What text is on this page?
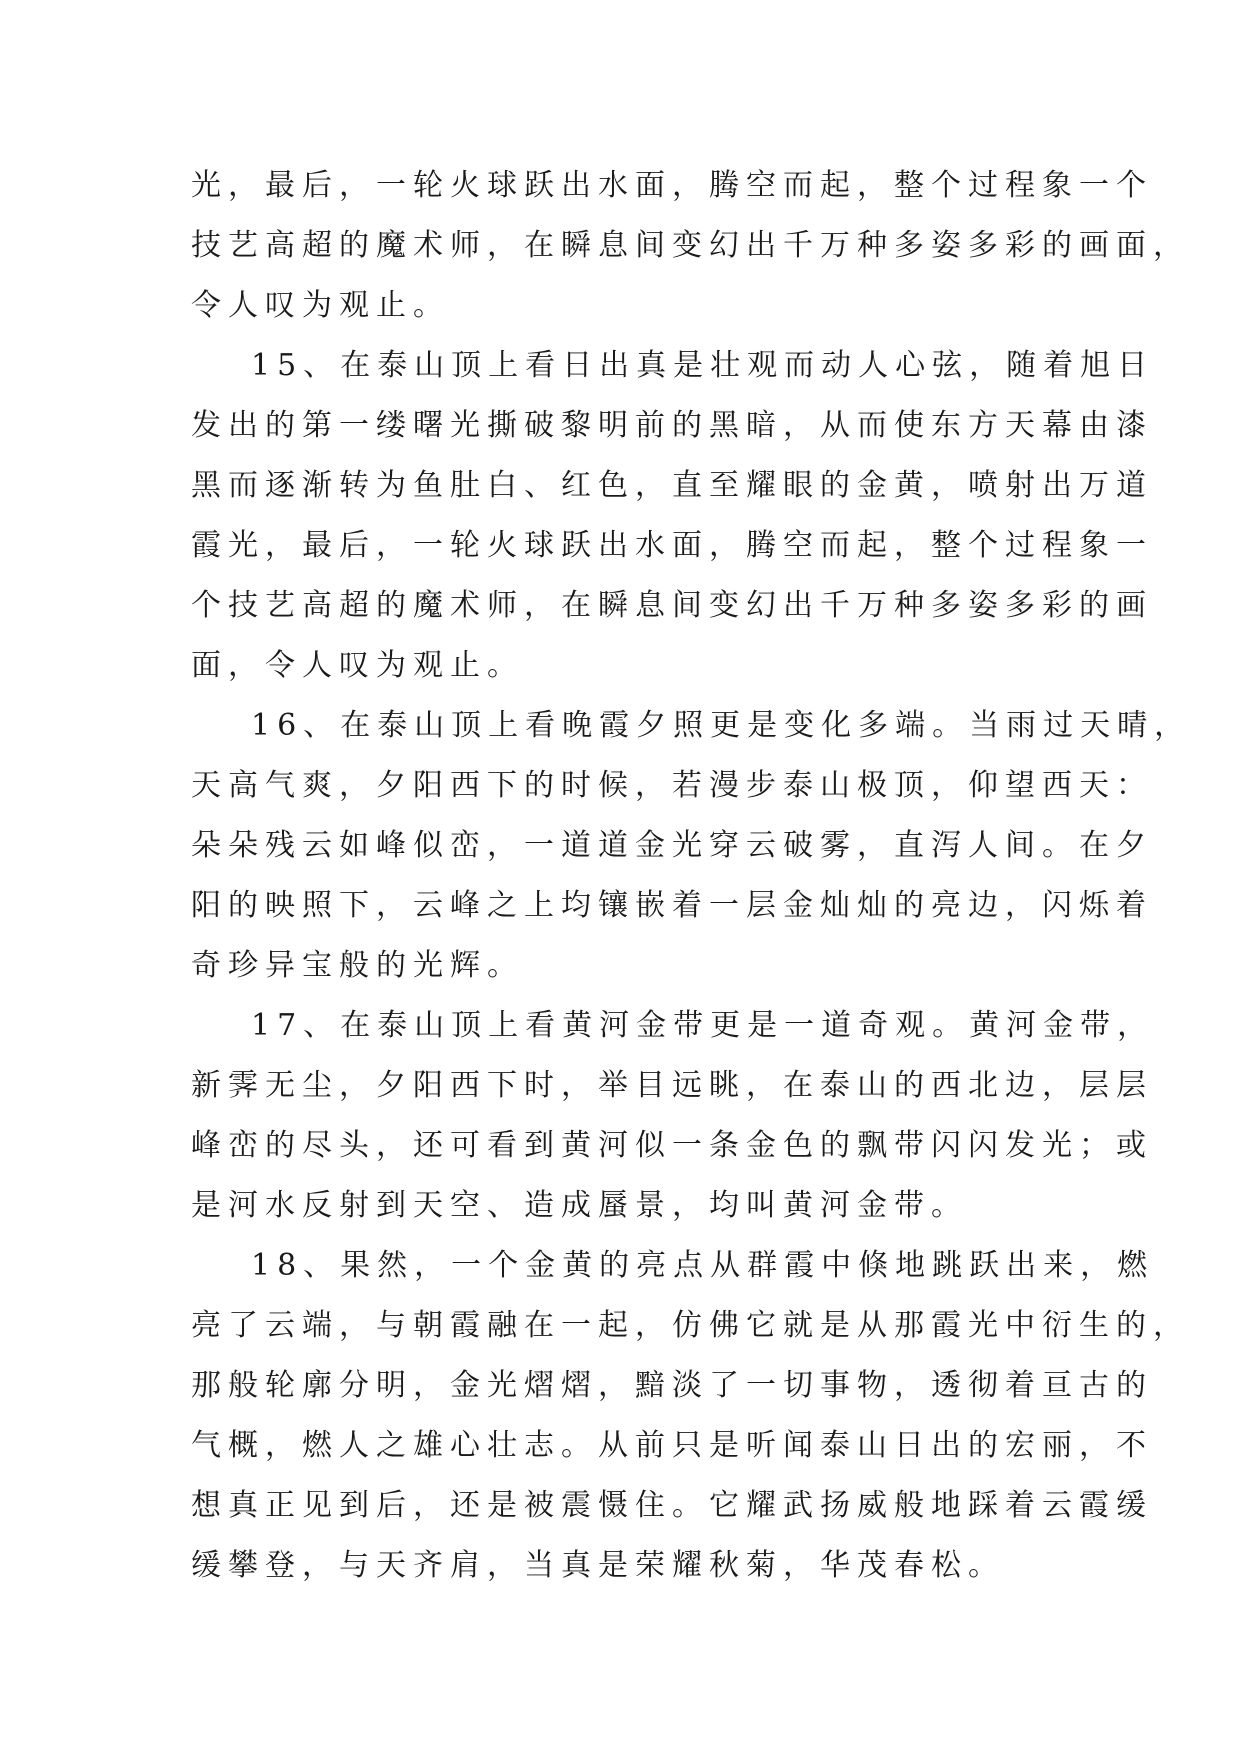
光，最后，一轮火球跃出水面，腾空而起，整个过程象一个
技艺高超的魔术师，在瞬息间变幻出千万种多姿多彩的画面，
令人叹为观止。
15、在泰山顶上看日出真是壮观而动人心弦，随着旭日
发出的第一缕曙光撕破黎明前的黑暗，从而使东方天幕由漆
黑而逐渐转为鱼肚白、红色，直至耀眼的金黄，喷射出万道
霞光，最后，一轮火球跃出水面，腾空而起，整个过程象一
个技艺高超的魔术师，在瞬息间变幻出千万种多姿多彩的画
面，令人叹为观止。
16、在泰山顶上看晚霞夕照更是变化多端。当雨过天晴，
天高气爽，夕阳西下的时候，若漫步泰山极顶，仰望西天：
朵朵残云如峰似峦，一道道金光穿云破雾，直泻人间。在夕
阳的映照下，云峰之上均镶嵌着一层金灿灿的亮边，闪烁着
奇珍异宝般的光辉。
17、在泰山顶上看黄河金带更是一道奇观。黄河金带，
新霁无尘，夕阳西下时，举目远眺，在泰山的西北边，层层
峰峦的尽头，还可看到黄河似一条金色的飘带闪闪发光；或
是河水反射到天空、造成蜃景，均叫黄河金带。
18、果然，一个金黄的亮点从群霞中倏地跳跃出来，燃
亮了云端，与朝霞融在一起，仿佛它就是从那霞光中衍生的，
那般轮廓分明，金光熠熠，黯淡了一切事物，透彻着亘古的
气概，燃人之雄心壮志。从前只是听闻泰山日出的宏丽，不
想真正见到后，还是被震慑住。它耀武扬威般地踩着云霞缓
缓攀登，与天齐肩，当真是荣耀秋菊，华茂春松。
